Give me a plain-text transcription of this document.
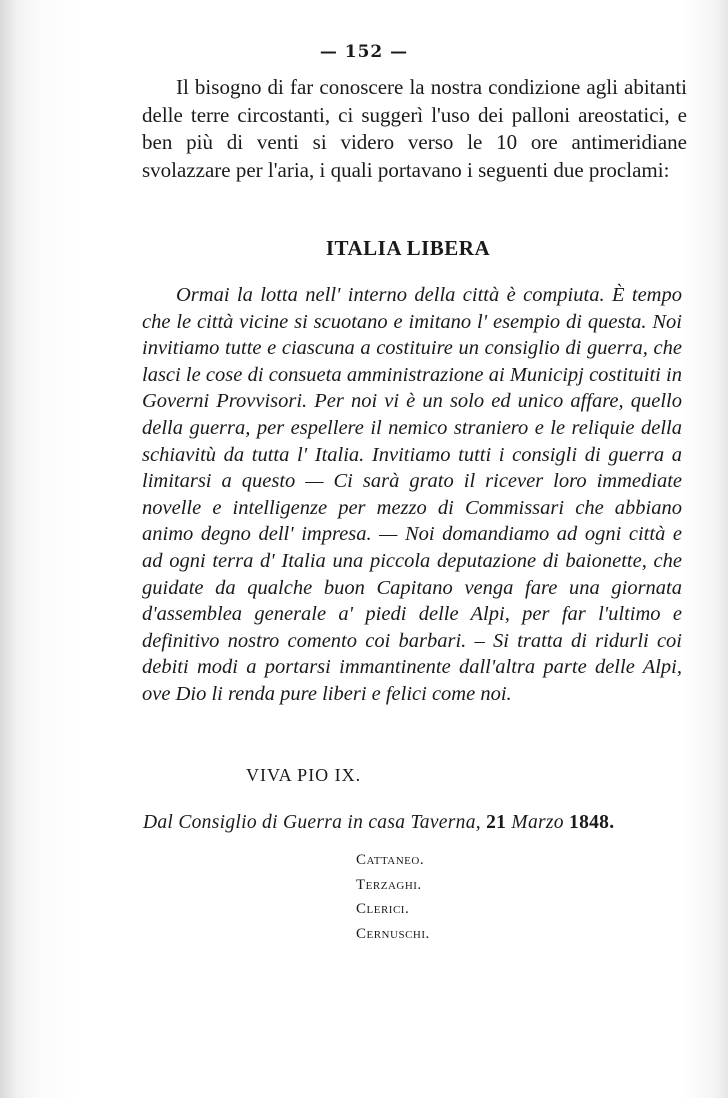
— 152 —

Il bisogno di far conoscere la nostra condizione agli abitanti delle terre circostanti, ci suggerì l'uso dei palloni areostatici, e ben più di venti si videro verso le 10 ore antimeridiane svolazzare per l'aria, i quali portavano i seguenti due proclami:

ITALIA LIBERA

Ormai la lotta nell' interno della città è compiuta. È tempo che le città vicine si scuotano e imitano l' esempio di questa. Noi invitiamo tutte e ciascuna a costituire un consiglio di guerra, che lasci le cose di consueta amministrazione ai Municipj costituiti in Governi Provvisori. Per noi vi è un solo ed unico affare, quello della guerra, per espellere il nemico straniero e le reliquie della schiavitù da tutta l' Italia. Invitiamo tutti i consigli di guerra a limitarsi a questo — Ci sarà grato il ricever loro immediate novelle e intelligenze per mezzo di Commissari che abbiano animo degno dell' impresa. — Noi domandiamo ad ogni città e ad ogni terra d' Italia una piccola deputazione di baionette, che guidate da qualche buon Capitano venga fare una giornata d'assemblea generale a' piedi delle Alpi, per far l'ultimo e definitivo nostro comento coi barbari. – Si tratta di ridurli coi debiti modi a portarsi immantinente dall'altra parte delle Alpi, ove Dio li renda pure liberi e felici come noi.

VIVA PIO IX.
Dal Consiglio di Guerra in casa Taverna, 21 Marzo 1848.
Cattaneo.
Terzaghi.
Clerici.
Cernuschi.
